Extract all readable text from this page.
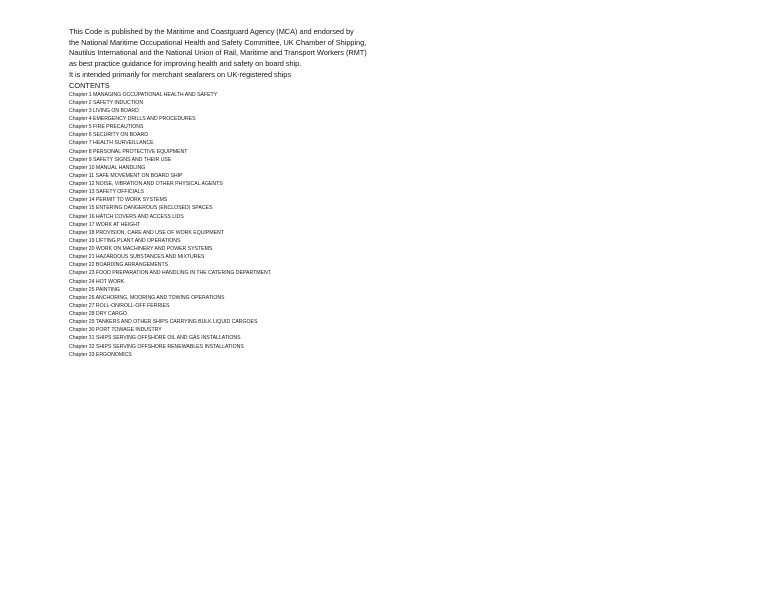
This Code is published by the Maritime and Coastguard Agency (MCA) and endorsed by
the National Maritime Occupational Health and Safety Committee, UK Chamber of Shipping,
Nautilus International and the National Union of Rail, Maritime and Transport Workers (RMT)
as best practice guidance for improving health and safety on board ship.
It is intended primarily for merchant seafarers on UK-registered ships
CONTENTS
Chapter 1 MANAGING OCCUPATIONAL HEALTH AND SAFETY
Chapter 2 SAFETY INDUCTION
Chapter 3 LIVING ON BOARD
Chapter 4 EMERGENCY DRILLS AND PROCEDURES
Chapter 5 FIRE PRECAUTIONS
Chapter 6 SECURITY ON BOARD
Chapter 7 HEALTH SURVEILLANCE
Chapter 8 PERSONAL PROTECTIVE EQUIPMENT
Chapter 9 SAFETY SIGNS AND THEIR USE
Chapter 10 MANUAL HANDLING
Chapter 11 SAFE MOVEMENT ON BOARD SHIP
Chapter 12 NOISE, VIBRATION AND OTHER PHYSICAL AGENTS
Chapter 13 SAFETY OFFICIALS
Chapter 14 PERMIT TO WORK SYSTEMS
Chapter 15 ENTERING DANGEROUS (ENCLOSED) SPACES
Chapter 16 HATCH COVERS AND ACCESS LIDS
Chapter 17 WORK AT HEIGHT
Chapter 18 PROVISION, CARE AND USE OF WORK EQUIPMENT
Chapter 19 LIFTING PLANT AND OPERATIONS
Chapter 20 WORK ON MACHINERY AND POWER SYSTEMS
Chapter 21 HAZARDOUS SUBSTANCES AND MIXTURES
Chapter 22 BOARDING ARRANGEMENTS
Chapter 23 FOOD PREPARATION AND HANDLING IN THE CATERING DEPARTMENT
Chapter 24 HOT WORK
Chapter 25 PAINTING
Chapter 26 ANCHORING, MOORING AND TOWING OPERATIONS
Chapter 27 ROLL-ON/ROLL-OFF FERRIES
Chapter 28 DRY CARGO
Chapter 29 TANKERS AND OTHER SHIPS CARRYING BULK LIQUID CARGOES
Chapter 30 PORT TOWAGE INDUSTRY
Chapter 31 SHIPS SERVING OFFSHORE OIL AND GAS INSTALLATIONS
Chapter 32 SHIPS SERVING OFFSHORE RENEWABLES INSTALLATIONS
Chapter 33 ERGONOMICS
